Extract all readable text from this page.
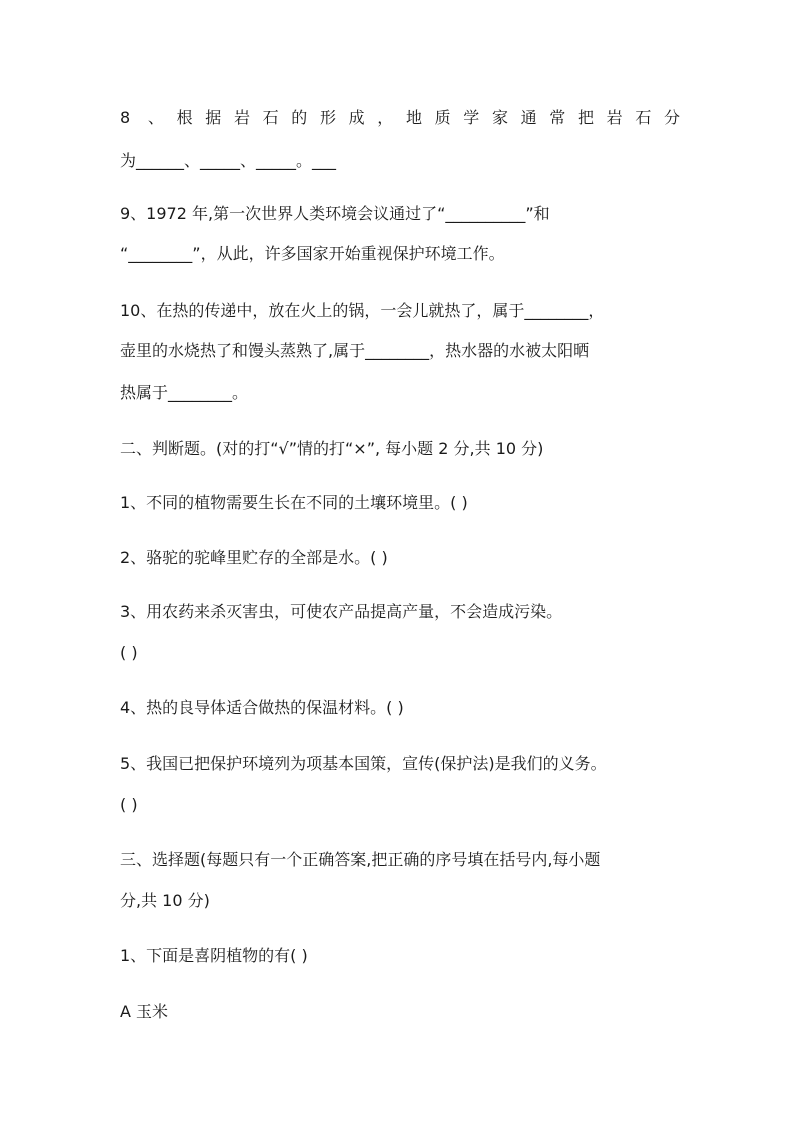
8 、根据岩石的形成，地质学家通常把岩石分
为______、_____、_____。___
9、1972 年,第一次世界人类环境会议通过了“__________”和
“________”，从此，许多国家开始重视保护环境工作。
10、在热的传递中，放在火上的锅，一会儿就热了，属于________，
壶里的水烧热了和馒头蒸熟了,属于________，热水器的水被太阳晒
热属于________。
二、判断题。(对的打“√”情的打“×”, 每小题 2 分,共 10 分)
1、不同的植物需要生长在不同的土壤环境里。( )
2、骆驼的驼峰里贮存的全部是水。( )
3、用农药来杀灭害虫，可使农产品提高产量，不会造成污染。
( )
4、热的良导体适合做热的保温材料。( )
5、我国已把保护环境列为项基本国策，宣传(保护法)是我们的义务。
( )
三、选择题(每题只有一个正确答案,把正确的序号填在括号内,每小题
分,共 10 分)
1、下面是喜阴植物的有( )
A 玉米
